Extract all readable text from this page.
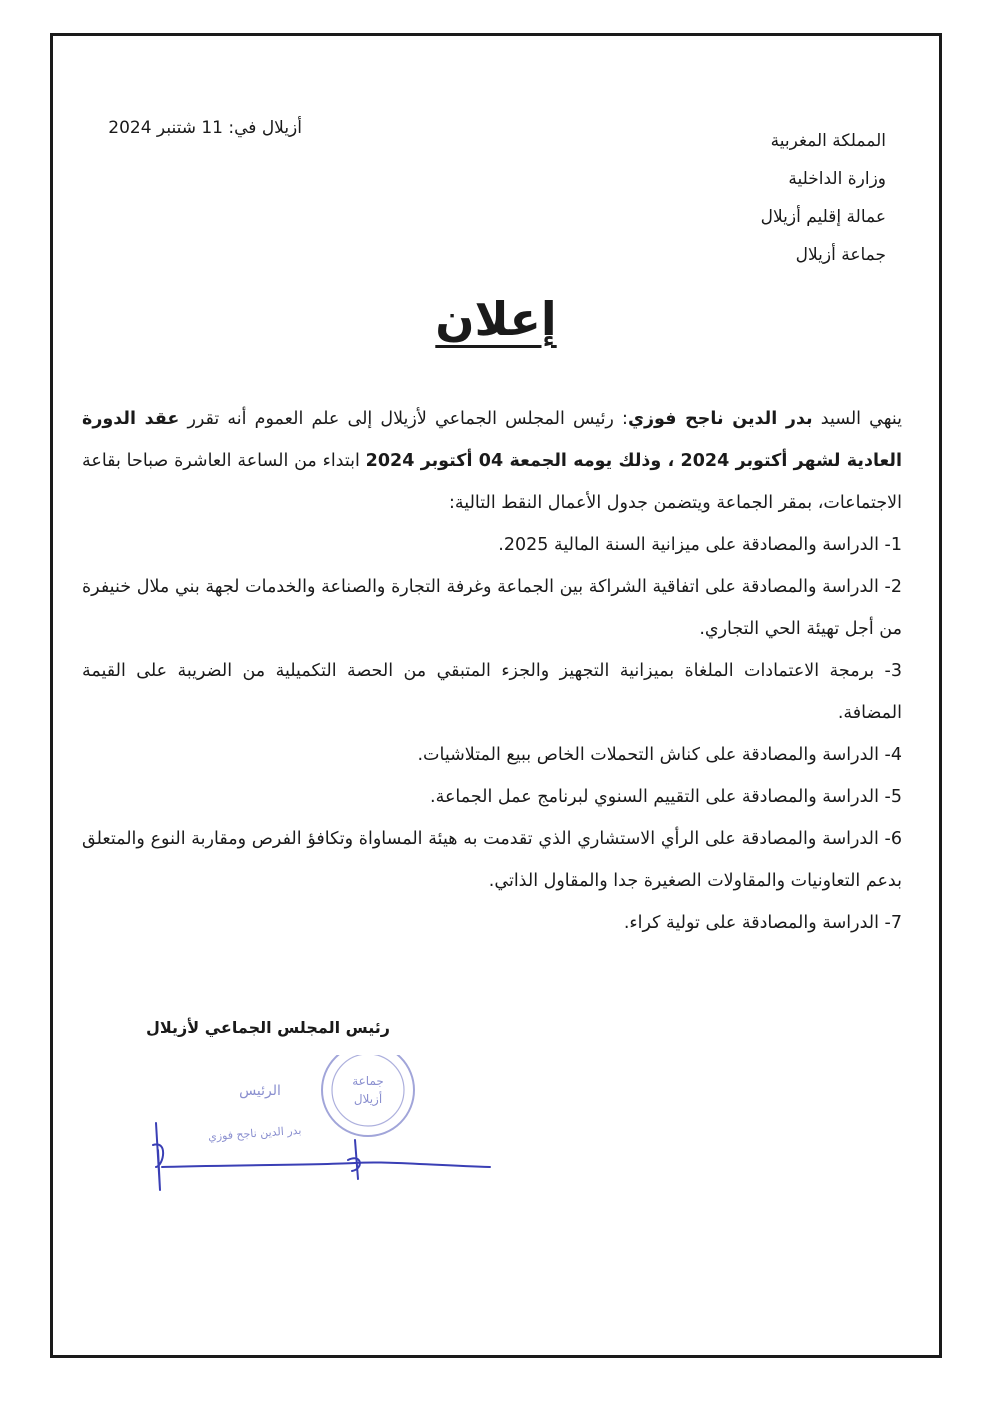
المملكة المغربية
وزارة الداخلية
عمالة إقليم أزيلال
جماعة أزيلال
أزيلال في: 11 شتنبر 2024
إعلان

ينهي السيد بدر الدين ناجح فوزي: رئيس المجلس الجماعي لأزيلال إلى علم العموم أنه تقرر عقد الدورة العادية لشهر أكتوبر 2024 ، وذلك يومه الجمعة 04 أكتوبر 2024 ابتداء من الساعة العاشرة صباحا بقاعة الاجتماعات، بمقر الجماعة ويتضمن جدول الأعمال النقط التالية:

1- الدراسة والمصادقة على ميزانية السنة المالية 2025.
2- الدراسة والمصادقة على اتفاقية الشراكة بين الجماعة وغرفة التجارة والصناعة والخدمات لجهة بني ملال خنيفرة من أجل تهيئة الحي التجاري.
3- برمجة الاعتمادات الملغاة بميزانية التجهيز والجزء المتبقي من الحصة التكميلية من الضريبة على القيمة المضافة.
4- الدراسة والمصادقة على كناش التحملات الخاص ببيع المتلاشيات.
5- الدراسة والمصادقة على التقييم السنوي لبرنامج عمل الجماعة.
6- الدراسة والمصادقة على الرأي الاستشاري الذي تقدمت به هيئة المساواة وتكافؤ الفرص ومقاربة النوع والمتعلق بدعم التعاونيات والمقاولات الصغيرة جدا والمقاول الذاتي.
7- الدراسة والمصادقة على تولية كراء.
رئيس المجلس الجماعي لأزيلال
جماعة
أزيلال
الرئيس
بدر الدين ناجح فوزي
